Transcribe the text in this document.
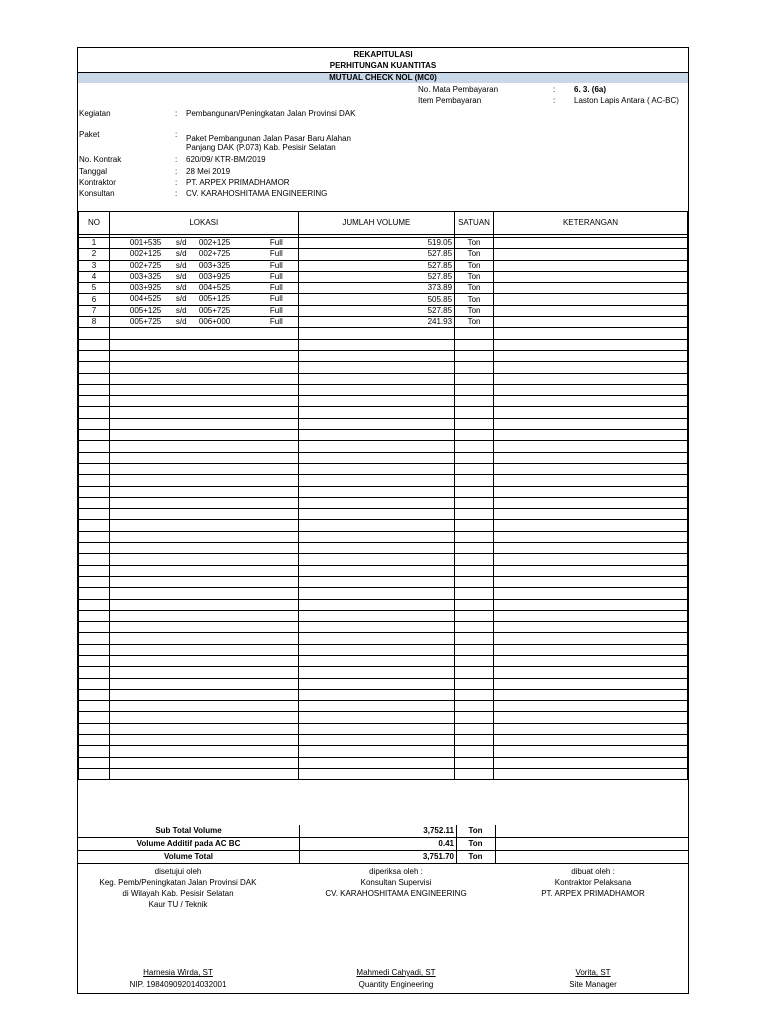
REKAPITULASI
PERHITUNGAN KUANTITAS
MUTUAL CHECK NOL (MC0)
No. Mata Pembayaran	: 6. 3. (6a)
Item Pembayaran	: Laston Lapis Antara ( AC-BC)
Kegiatan	: Pembangunan/Peningkatan Jalan Provinsi DAK
Paket	: Paket Pembangunan Jalan Pasar Baru Alahan
Panjang DAK (P.073) Kab. Pesisir Selatan
No. Kontrak	: 620/09/ KTR-BM/2019
Tanggal	: 28 Mei 2019
Kontraktor	: PT. ARPEX PRIMADHAMOR
Konsultan	: CV. KARAHOSHITAMA ENGINEERING
NO	LOKASI	JUMLAH VOLUME	SATUAN	KETERANGAN

1	001+535 s/d 002+125 Full	519.05	Ton	
2	002+125 s/d 002+725 Full	527.85	Ton	
3	002+725 s/d 003+325 Full	527.85	Ton	
4	003+325 s/d 003+925 Full	527.85	Ton	
5	003+925 s/d 004+525 Full	373.89	Ton	
6	004+525 s/d 005+125 Full	505.85	Ton	
7	005+125 s/d 005+725 Full	527.85	Ton	
8	005+725 s/d 006+000 Full	241.93	Ton	

Sub Total Volume	3,752.11	Ton
Volume Additif pada AC BC	0.41	Ton
Volume Total	3,751.70	Ton
disetujui oleh
Keg. Pemb/Peningkatan Jalan Provinsi DAK
di Wilayah Kab. Pesisir Selatan
Kaur TU / Teknik
Harnesia Wirda, ST
NIP. 198409092014032001
diperiksa oleh :
Konsultan Supervisi
CV. KARAHOSHITAMA ENGINEERING
Mahmedi Cahyadi, ST
Quantity Engineering
dibuat oleh :
Kontraktor Pelaksana
PT. ARPEX PRIMADHAMOR
Vorita, ST
Site Manager
